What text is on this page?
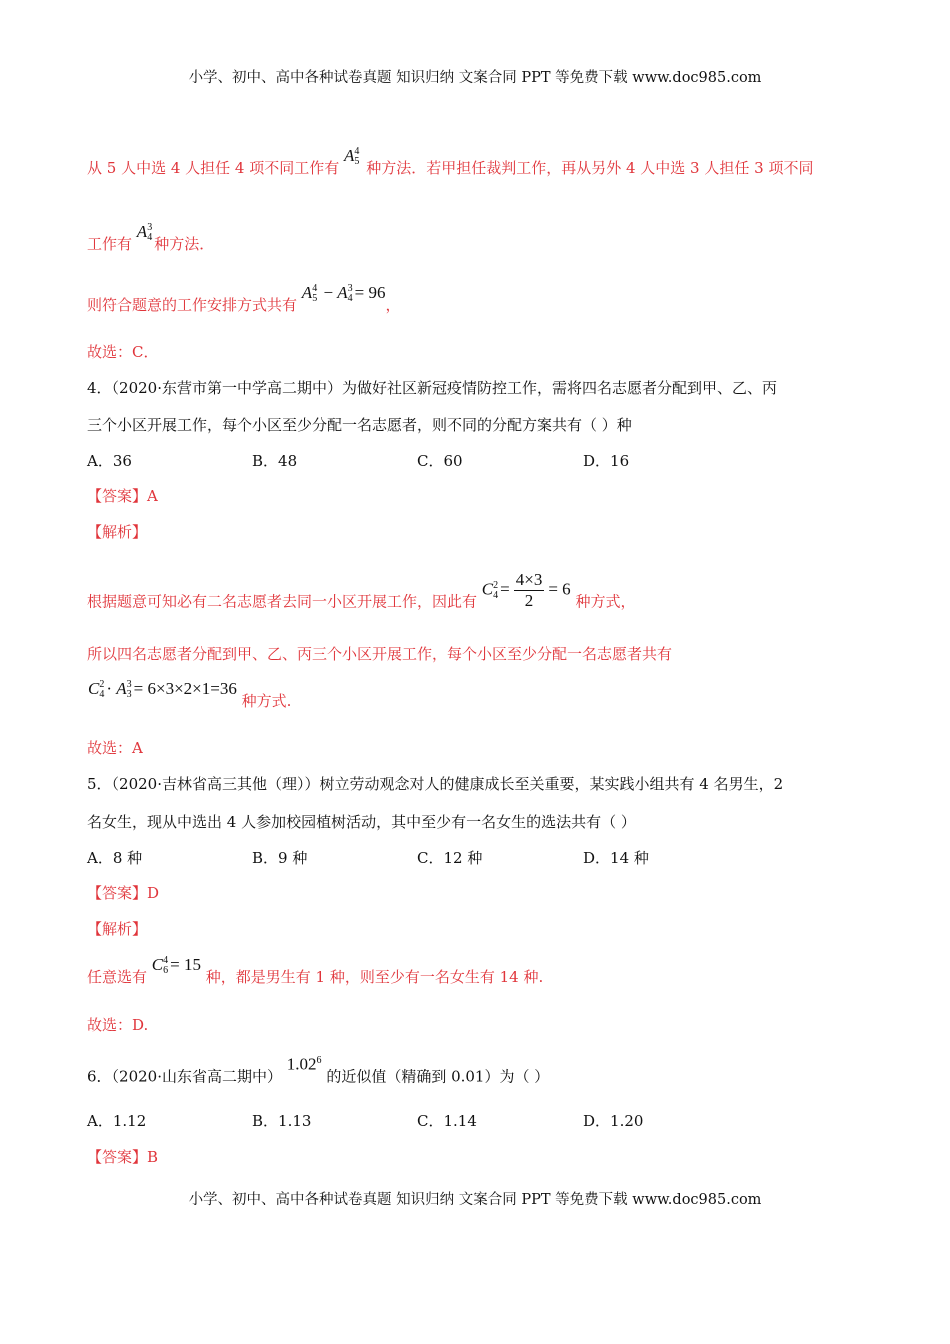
小学、初中、高中各种试卷真题 知识归纳 文案合同 PPT 等免费下载 www.doc985.com
从 5 人中选 4 人担任 4 项不同工作有 A 4
5 种方法．若甲担任裁判工作，再从另外 4 人中选 3 人担任 3 项不同
工作有 A 3
4 种方法．
则符合题意的工作安排方式共有 A 4
5 − A 3
4 = 96，
故选：C．
4．（2020·东营市第一中学高二期中）为做好社区新冠疫情防控工作，需将四名志愿者分配到甲、乙、丙
三个小区开展工作，每个小区至少分配一名志愿者，则不同的分配方案共有（ ）种
A．36	B．48	C．60	D．16
【答案】A
【解析】
根据题意可知必有二名志愿者去同一小区开展工作，因此有 C 2
$4 = \frac{4\times 3}{2} = 6$ 种方式，
所以四名志愿者分配到甲、乙、丙三个小区开展工作，每个小区至少分配一名志愿者共有
C 2
4 · A 3
3 = 6×3×2×1=36 种方式.
故选：A
5．（2020·吉林省高三其他（理））树立劳动观念对人的健康成长至关重要，某实践小组共有 4 名男生，2
名女生，现从中选出 4 人参加校园植树活动，其中至少有一名女生的选法共有（ ）
A．8 种	B．9 种	C．12 种	D．14 种
【答案】D
【解析】
任意选有 C 4
6 = 15 种，都是男生有 1 种，则至少有一名女生有 14 种.
故选：D.
6．（2020·山东省高二期中） 1.02$^6$ 的近似值（精确到 0.01）为（ ）
A．1.12	B．1.13	C．1.14	D．1.20
【答案】B
小学、初中、高中各种试卷真题 知识归纳 文案合同 PPT 等免费下载 www.doc985.com
